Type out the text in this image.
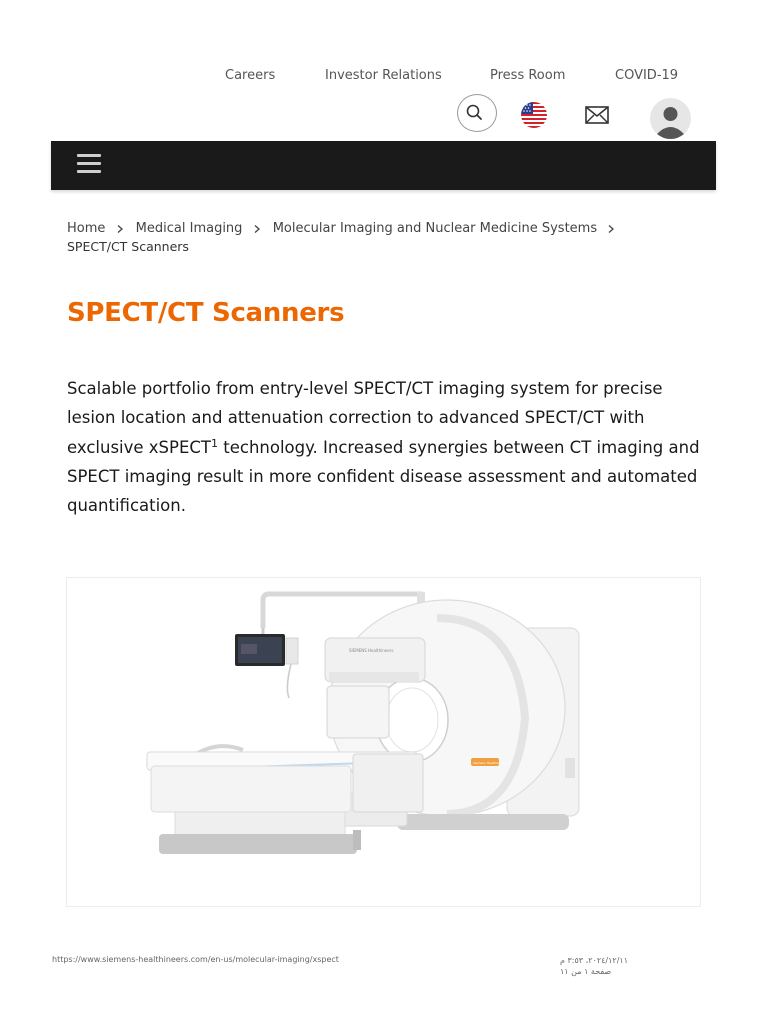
Careers	Investor Relations	Press Room	COVID-19
Home Medical Imaging Molecular Imaging and Nuclear Medicine Systems
SPECT/CT Scanners
SPECT/CT Scanners

Scalable portfolio from entry-level SPECT/CT imaging system for precise lesion location and attenuation correction to advanced SPECT/CT with exclusive xSPECT$^1$ technology. Increased synergies between CT imaging and SPECT imaging result in more confident disease assessment and automated quantification.

SIEMENS Healthineers
Siemens Healthineers
https://www.siemens-healthineers.com/en-us/molecular-imaging/xspect	٢٠٢٤/١٢/١١، ٣:٥٣ م
صفحة ١ من ١١
